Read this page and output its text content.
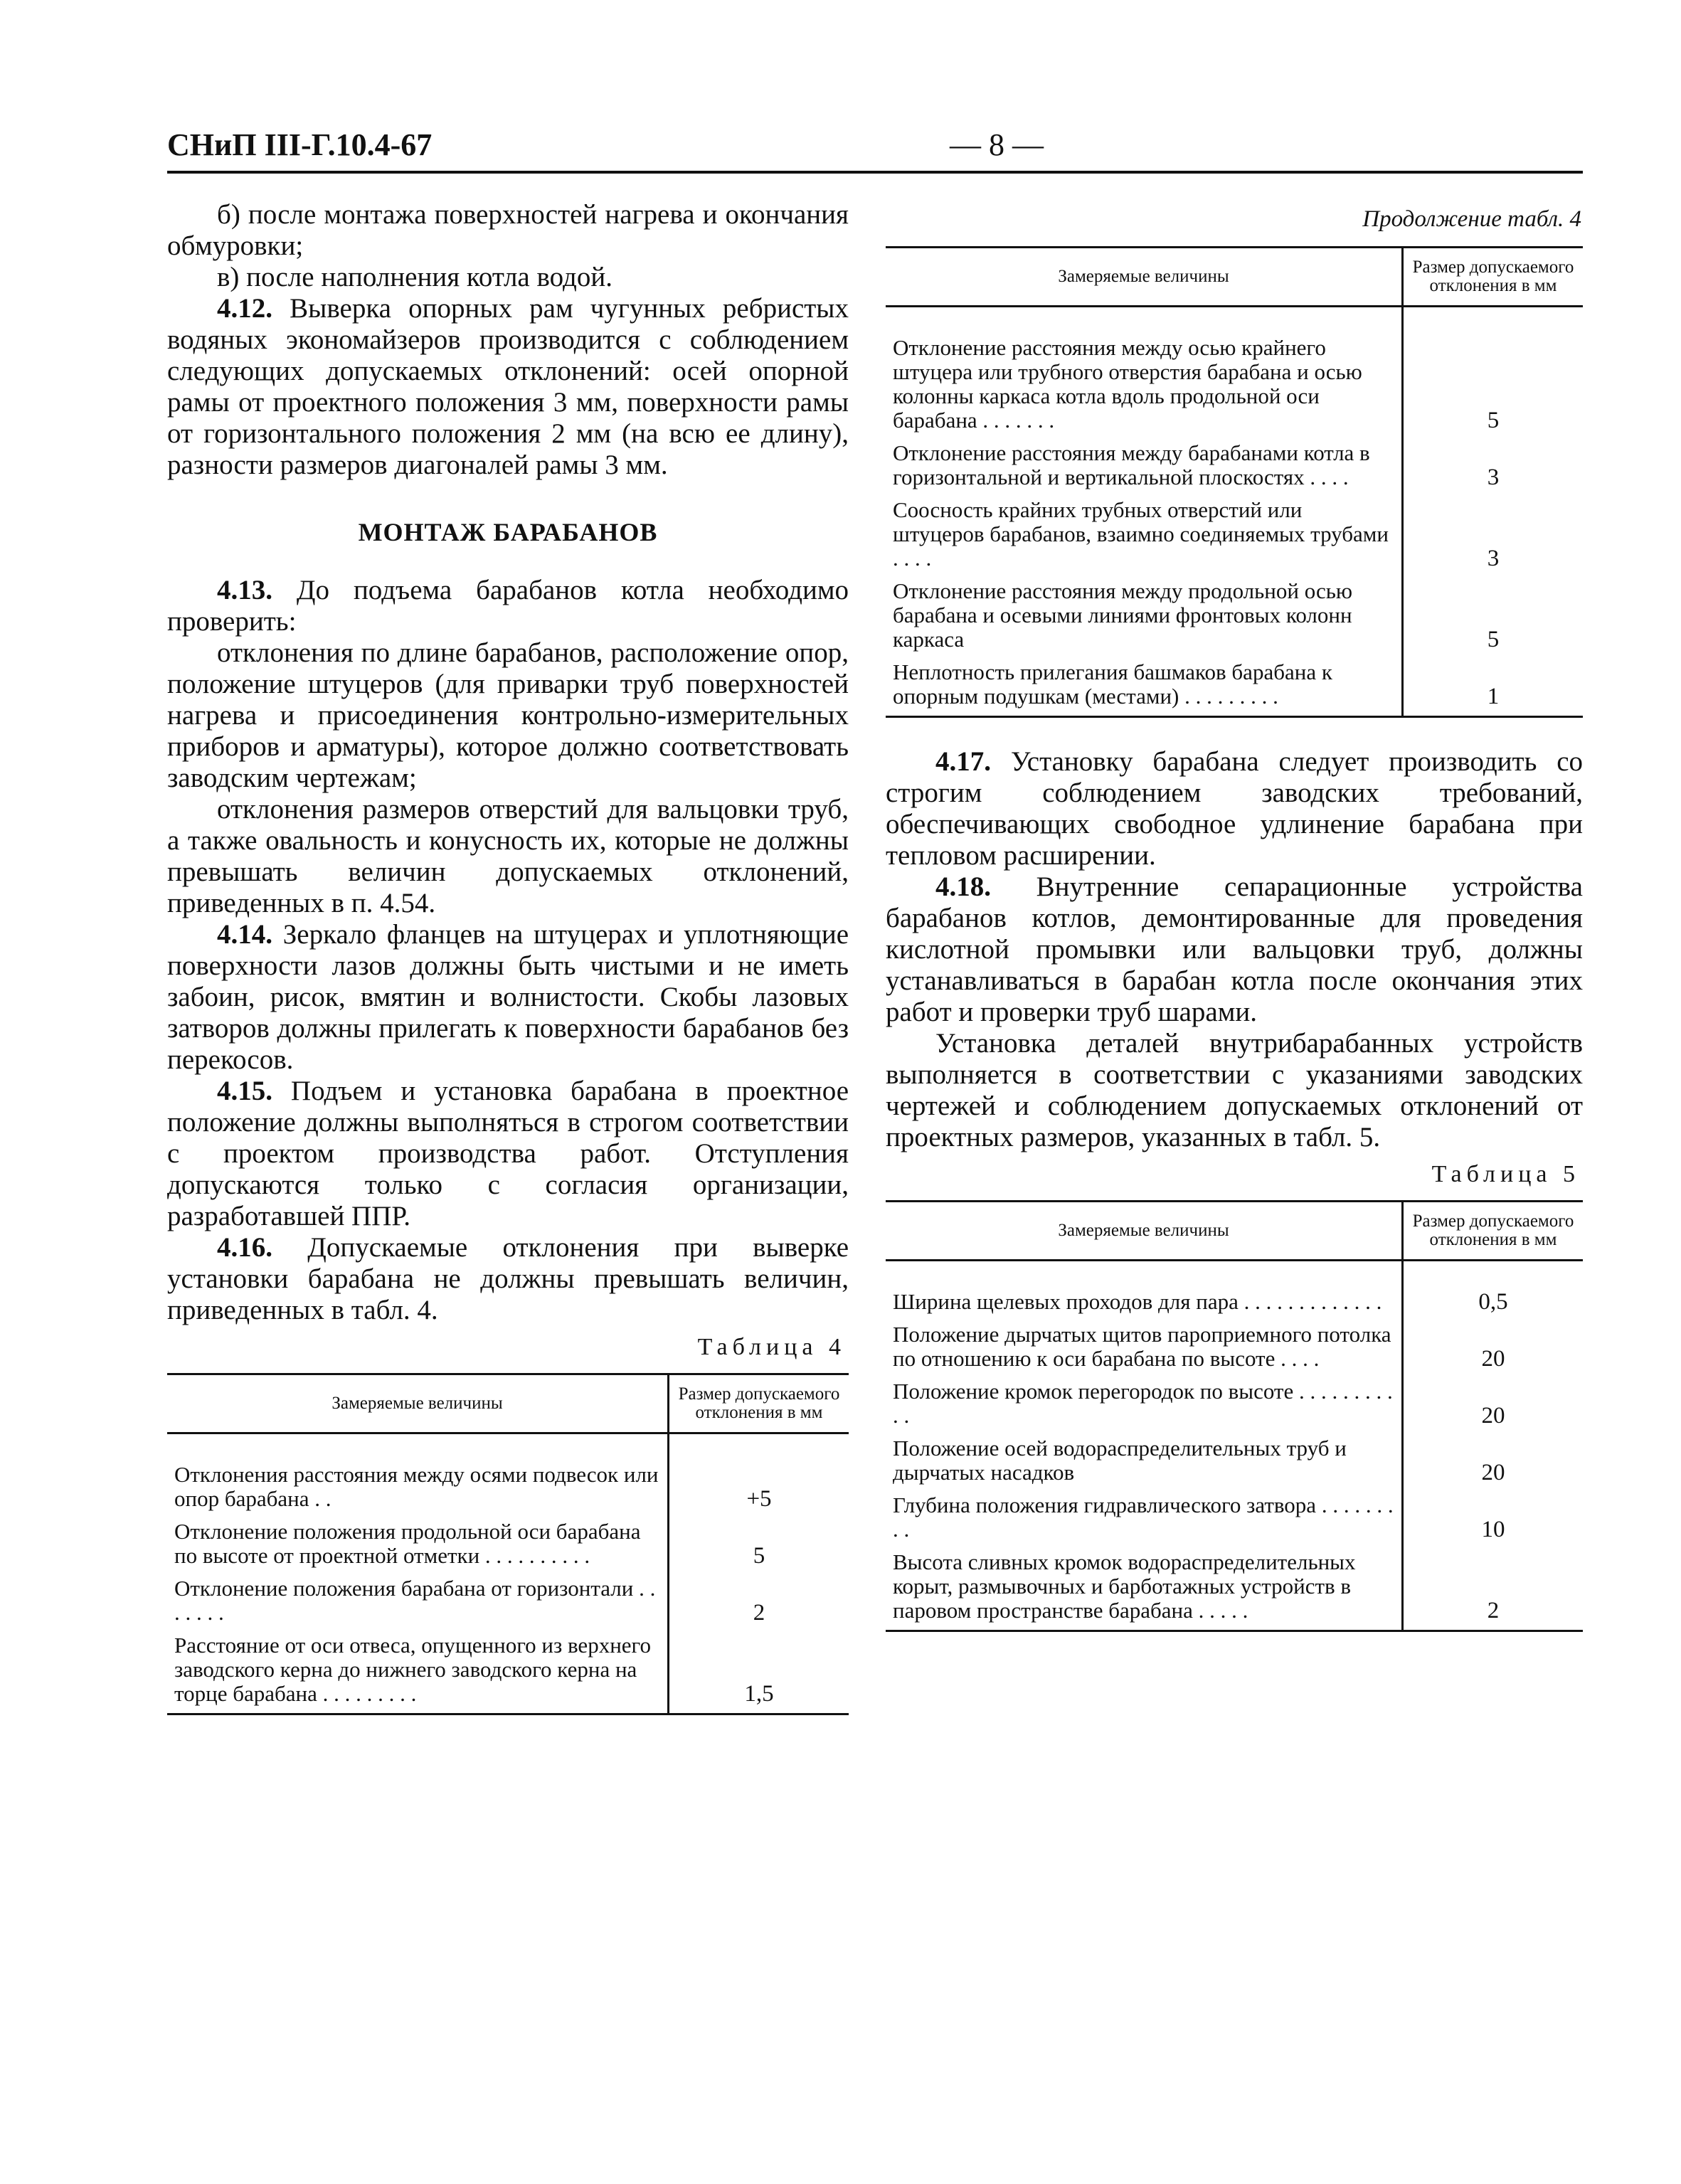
СНиП III-Г.10.4-67	— 8 —

б) после монтажа поверхностей нагрева и окончания обмуровки;

в) после наполнения котла водой.

4.12. Выверка опорных рам чугунных ребристых водяных экономайзеров производится с соблюдением следующих допускаемых отклонений: осей опорной рамы от проектного положения 3 мм, поверхности рамы от горизонтального положения 2 мм (на всю ее длину), разности размеров диагоналей рамы 3 мм.

МОНТАЖ БАРАБАНОВ

4.13. До подъема барабанов котла необходимо проверить:

отклонения по длине барабанов, расположение опор, положение штуцеров (для приварки труб поверхностей нагрева и присоединения контрольно-измерительных приборов и арматуры), которое должно соответствовать заводским чертежам;

отклонения размеров отверстий для вальцовки труб, а также овальность и конусность их, которые не должны превышать величин допускаемых отклонений, приведенных в п. 4.54.

4.14. Зеркало фланцев на штуцерах и уплотняющие поверхности лазов должны быть чистыми и не иметь забоин, рисок, вмятин и волнистости. Скобы лазовых затворов должны прилегать к поверхности барабанов без перекосов.

4.15. Подъем и установка барабана в проектное положение должны выполняться в строгом соответствии с проектом производства работ. Отступления допускаются только с согласия организации, разработавшей ППР.

4.16. Допускаемые отклонения при выверке установки барабана не должны превышать величин, приведенных в табл. 4.

Таблица 4
Замеряемые величины	Размер допускаемого отклонения в мм
Отклонения расстояния между осями подвесок или опор барабана . .	+5
Отклонение положения продольной оси барабана по высоте от проектной отметки . . . . . . . . . .	5
Отклонение положения барабана от горизонтали . . . . . . .	2
Расстояние от оси отвеса, опущенного из верхнего заводского керна до нижнего заводского керна на торце барабана . . . . . . . . .	1,5
Продолжение табл. 4
Замеряемые величины	Размер допускаемого отклонения в мм
Отклонение расстояния между осью крайнего штуцера или трубного отверстия барабана и осью колонны каркаса котла вдоль продольной оси барабана . . . . . . .	5
Отклонение расстояния между барабанами котла в горизонтальной и вертикальной плоскостях . . . .	3
Соосность крайних трубных отверстий или штуцеров барабанов, взаимно соединяемых трубами . . . .	3
Отклонение расстояния между продольной осью барабана и осевыми линиями фронтовых колонн каркаса	5
Неплотность прилегания башмаков барабана к опорным подушкам (местами) . . . . . . . . .	1

4.17. Установку барабана следует производить со строгим соблюдением заводских требований, обеспечивающих свободное удлинение барабана при тепловом расширении.

4.18. Внутренние сепарационные устройства барабанов котлов, демонтированные для проведения кислотной промывки или вальцовки труб, должны устанавливаться в барабан котла после окончания этих работ и проверки труб шарами.

Установка деталей внутрибарабанных устройств выполняется в соответствии с указаниями заводских чертежей и соблюдением допускаемых отклонений от проектных размеров, указанных в табл. 5.

Таблица 5
Замеряемые величины	Размер допускаемого отклонения в мм
Ширина щелевых проходов для пара . . . . . . . . . . . . .	0,5
Положение дырчатых щитов пароприемного потолка по отношению к оси барабана по высоте . . . .	20
Положение кромок перегородок по высоте . . . . . . . . . . .	20
Положение осей водораспределительных труб и дырчатых насадков	20
Глубина положения гидравлического затвора . . . . . . . . .	10
Высота сливных кромок водораспределительных корыт, размывочных и барботажных устройств в паровом пространстве барабана . . . . .	2
